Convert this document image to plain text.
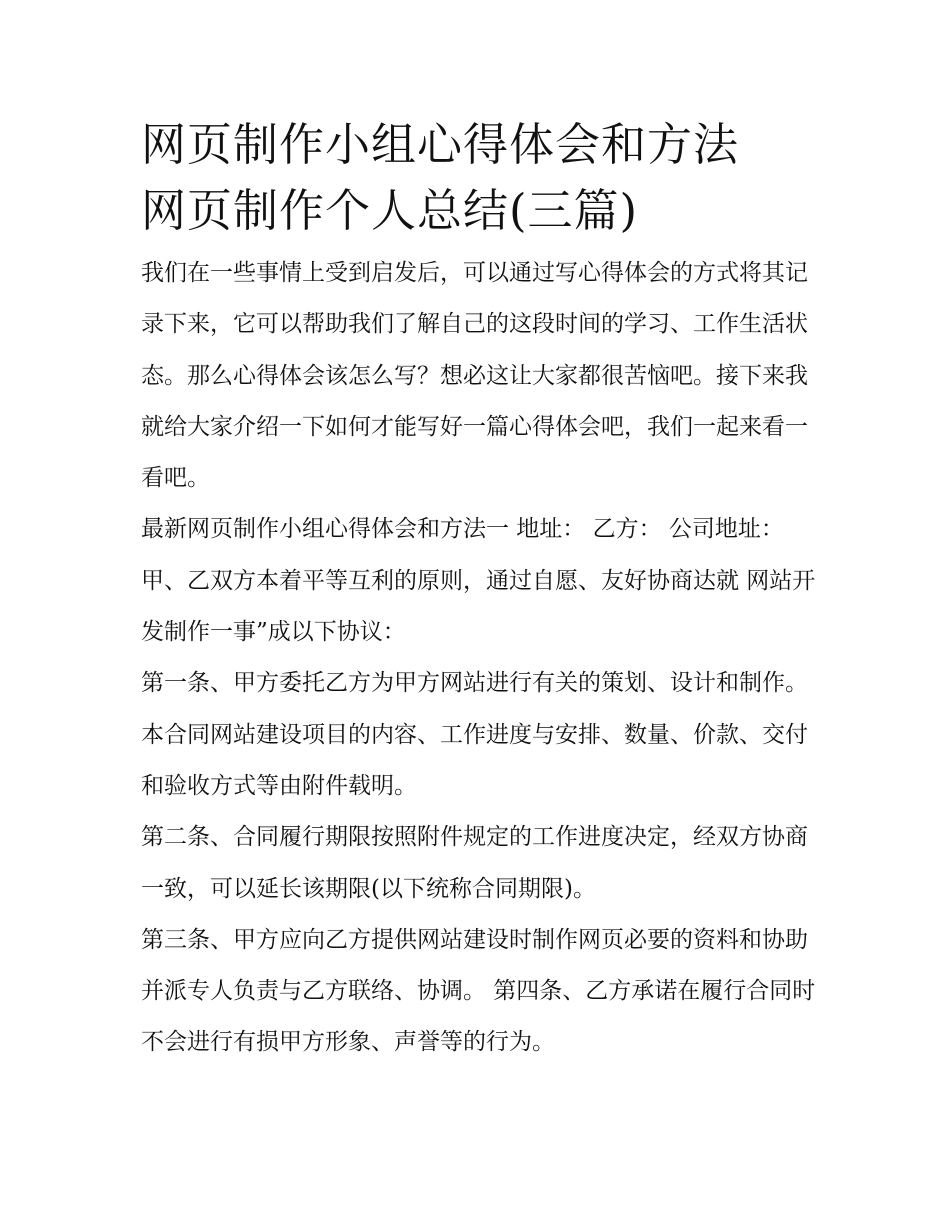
网页制作小组心得体会和方法
网页制作个人总结(三篇)

我们在一些事情上受到启发后，可以通过写心得体会的方式将其记录下来，它可以帮助我们了解自己的这段时间的学习、工作生活状态。那么心得体会该怎么写？想必这让大家都很苦恼吧。接下来我就给大家介绍一下如何才能写好一篇心得体会吧，我们一起来看一看吧。

最新网页制作小组心得体会和方法一 地址： 乙方： 公司地址： 甲、乙双方本着平等互利的原则，通过自愿、友好协商达就 网站开发制作一事”成以下协议：

第一条、甲方委托乙方为甲方网站进行有关的策划、设计和制作。本合同网站建设项目的内容、工作进度与安排、数量、价款、交付和验收方式等由附件载明。

第二条、合同履行期限按照附件规定的工作进度决定，经双方协商一致，可以延长该期限(以下统称合同期限)。

第三条、甲方应向乙方提供网站建设时制作网页必要的资料和协助并派专人负责与乙方联络、协调。 第四条、乙方承诺在履行合同时不会进行有损甲方形象、声誉等的行为。
